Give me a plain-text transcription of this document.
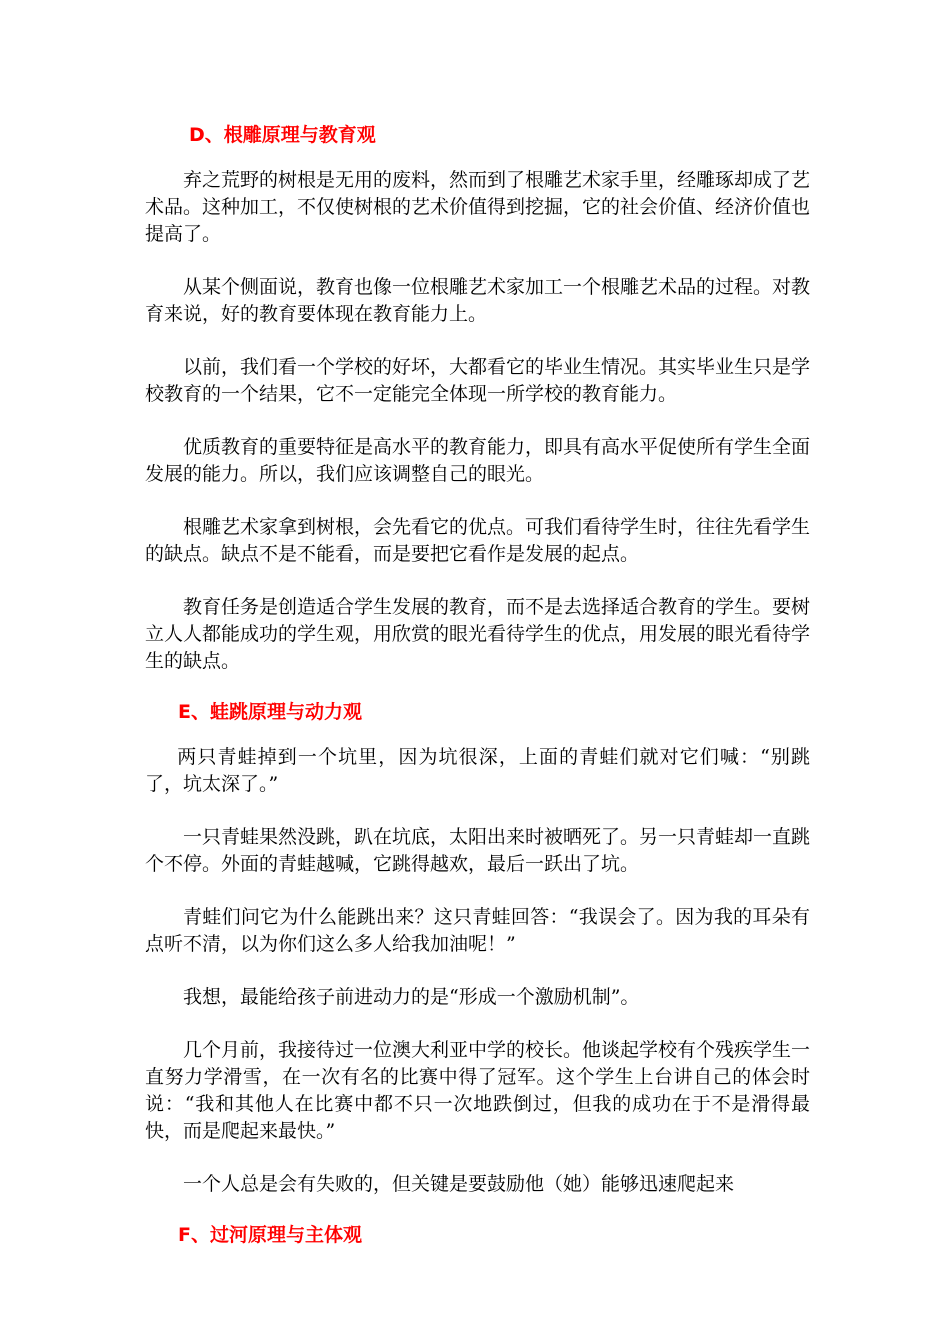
D、根雕原理与教育观

弃之荒野的树根是无用的废料，然而到了根雕艺术家手里，经雕琢却成了艺术品。这种加工，不仅使树根的艺术价值得到挖掘，它的社会价值、经济价值也提高了。

从某个侧面说，教育也像一位根雕艺术家加工一个根雕艺术品的过程。对教育来说，好的教育要体现在教育能力上。

以前，我们看一个学校的好坏，大都看它的毕业生情况。其实毕业生只是学校教育的一个结果，它不一定能完全体现一所学校的教育能力。

优质教育的重要特征是高水平的教育能力，即具有高水平促使所有学生全面发展的能力。所以，我们应该调整自己的眼光。

根雕艺术家拿到树根，会先看它的优点。可我们看待学生时，往往先看学生的缺点。缺点不是不能看，而是要把它看作是发展的起点。

教育任务是创造适合学生发展的教育，而不是去选择适合教育的学生。要树立人人都能成功的学生观，用欣赏的眼光看待学生的优点，用发展的眼光看待学生的缺点。

E、蛙跳原理与动力观

两只青蛙掉到一个坑里，因为坑很深，上面的青蛙们就对它们喊：“别跳了，坑太深了。”

一只青蛙果然没跳，趴在坑底，太阳出来时被晒死了。另一只青蛙却一直跳个不停。外面的青蛙越喊，它跳得越欢，最后一跃出了坑。

青蛙们问它为什么能跳出来？这只青蛙回答：“我误会了。因为我的耳朵有点听不清，以为你们这么多人给我加油呢！”

我想，最能给孩子前进动力的是“形成一个激励机制”。

几个月前，我接待过一位澳大利亚中学的校长。他谈起学校有个残疾学生一直努力学滑雪，在一次有名的比赛中得了冠军。这个学生上台讲自己的体会时说：“我和其他人在比赛中都不只一次地跌倒过，但我的成功在于不是滑得最快，而是爬起来最快。”

一个人总是会有失败的，但关键是要鼓励他（她）能够迅速爬起来

F、过河原理与主体观
